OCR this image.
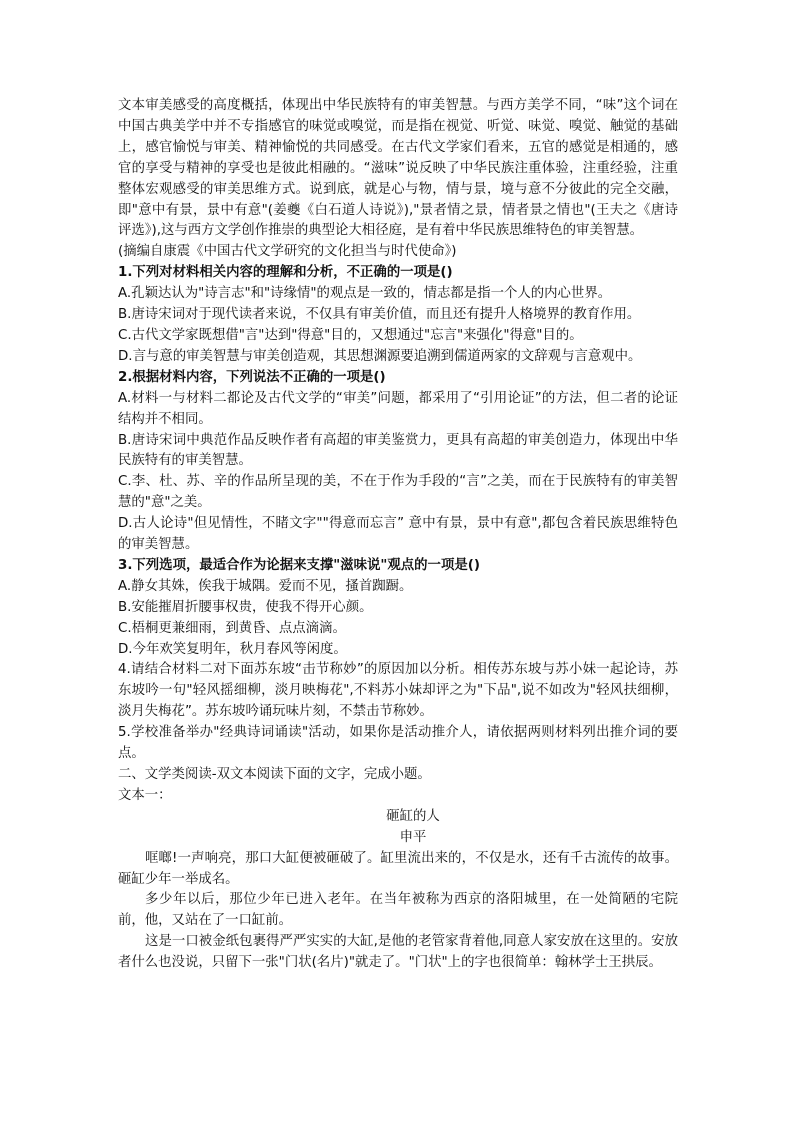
文本审美感受的高度概括，体现出中华民族特有的审美智慧。与西方美学不同，“味”这个词在中国古典美学中并不专指感官的味觉或嗅觉，而是指在视觉、听觉、味觉、嗅觉、触觉的基础上，感官愉悦与审美、精神愉悦的共同感受。在古代文学家们看来，五官的感觉是相通的，感官的享受与精神的享受也是彼此相融的。“滋味”说反映了中华民族注重体验，注重经验，注重整体宏观感受的审美思维方式。说到底，就是心与物，情与景，境与意不分彼此的完全交融，即"意中有景，景中有意"(姜夔《白石道人诗说》),"景者情之景，情者景之情也"(王夫之《唐诗评选》),这与西方文学创作推崇的典型论大相径庭，是有着中华民族思维特色的审美智慧。

(摘编自康震《中国古代文学研究的文化担当与时代使命》)

1.下列对材料相关内容的理解和分析，不正确的一项是()

A.孔颖达认为"诗言志"和"诗缘情"的观点是一致的，情志都是指一个人的内心世界。

B.唐诗宋词对于现代读者来说，不仅具有审美价值，而且还有提升人格境界的教育作用。

C.古代文学家既想借"言"达到"得意"目的，又想通过"忘言"来强化"得意"目的。

D.言与意的审美智慧与审美创造观，其思想渊源要追溯到儒道两家的文辞观与言意观中。

2.根据材料内容，下列说法不正确的一项是()

A.材料一与材料二都论及古代文学的“审美”问题，都采用了“引用论证”的方法，但二者的论证结构并不相同。

B.唐诗宋词中典范作品反映作者有高超的审美鉴赏力，更具有高超的审美创造力，体现出中华民族特有的审美智慧。

C.李、杜、苏、辛的作品所呈现的美，不在于作为手段的“言”之美，而在于民族特有的审美智慧的"意"之美。

D.古人论诗"但见情性，不睹文字""得意而忘言” 意中有景，景中有意",都包含着民族思维特色的审美智慧。

3.下列选项，最适合作为论据来支撑"滋味说"观点的一项是()

A.静女其姝，俟我于城隅。爱而不见，搔首踟蹰。

B.安能摧眉折腰事权贵，使我不得开心颜。

C.梧桐更兼细雨，到黄昏、点点滴滴。

D.今年欢笑复明年，秋月春风等闲度。

4.请结合材料二对下面苏东坡“击节称妙”的原因加以分析。相传苏东坡与苏小妹一起论诗，苏东坡吟一句"轻风摇细柳，淡月映梅花",不料苏小妹却评之为"下品",说不如改为"轻风扶细柳，淡月失梅花”。苏东坡吟诵玩味片刻，不禁击节称妙。

5.学校准备举办"经典诗词诵读"活动，如果你是活动推介人，请依据两则材料列出推介词的要点。

二、文学类阅读-双文本阅读下面的文字，完成小题。

文本一：

砸缸的人

申平

哐啷!一声响亮，那口大缸便被砸破了。缸里流出来的，不仅是水，还有千古流传的故事。砸缸少年一举成名。

多少年以后，那位少年已进入老年。在当年被称为西京的洛阳城里，在一处简陋的宅院前，他，又站在了一口缸前。

这是一口被金纸包裹得严严实实的大缸,是他的老管家背着他,同意人家安放在这里的。安放者什么也没说，只留下一张"门状(名片)"就走了。"门状"上的字也很简单：翰林学士王拱辰。
